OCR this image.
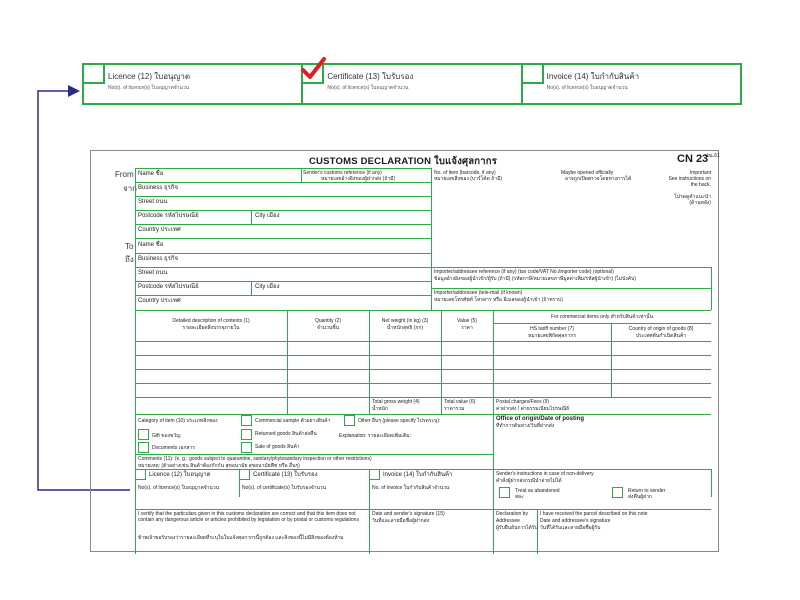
Licence (12) ใบอนุญาต
No(s). of licence(s) ใบอนุญาตจำนวน
Certificate (13) ใบรับรอง
No(s). of licence(s) ใบอนุญาตจำนวน
Invoice (14) ใบกำกับสินค้า
No(s). of licence(s) ใบอนุญาตจำนวน
CUSTOMS DECLARATION ใบแจ้งศุลกากร	CN 23
ปณ.61
From
จาก
To
ถึง
Name ชื่อ
Business ธุรกิจ
Street ถนน
Postcode รหัสไปรษณีย์	City เมือง
Country ประเทศ
Name ชื่อ
Business ธุรกิจ
Street ถนน
Postcode รหัสไปรษณีย์	City เมือง
Country ประเทศ
Sender's customs reference (if any)
หมายเลขอ้างอิงของผู้ฝากส่ง (ถ้ามี)
No. of item (barcode, if any)
หมายเลขสิ่งของ (บาร์โค้ด ถ้ามี)
Maybe opened officially
อาจถูกเปิดตรวจโดยทางการได้
Important
See instructions on
the back.
โปรดดูคำแนะนำ
(ด้านหลัง)
Importer/addressee reference (if any) (tax code/VAT No./importer code) (optional)
ข้อมูลอ้างอิงของผู้นำเข้า/ผู้รับ (ถ้ามี) (รหัสภาษี/หมายเลขภาษีมูลค่าเพิ่ม/รหัสผู้นำเข้า) (ไม่บังคับ)
Importer/addressee (tele-mail (if known)
หมายเลขโทรศัพท์ โทรสาร หรือ อีเมลของผู้นำเข้า (ถ้าทราบ)
Detailed description of contents (1)
รายละเอียดสิ่งบรรจุภายใน
Quantity (2)
จำนวนชิ้น
Net weight (in kg) (3)
น้ำหนักสุทธิ (กก)
Value (5)
ราคา
For commercial items only สำหรับสินค้าเท่านั้น
HS tariff number (7)
หมายเลขพิกัดศุลกากร
Country of origin of goods (8)
ประเทศต้นกำเนิดสินค้า
Total gross weight (4)
น้ำหนัก
Total value (6)
ราคารวม
Postal charges/Fees (9)
ค่าฝากส่ง / ค่าธรรมเนียมไปรษณีย์
Category of item (10) ประเภทสิ่งของ	Commercial sample ตัวอย่างสินค้า	Other อื่นๆ (please specify ไปรดระบุ):
Gift ของขวัญ	Returned goods สินค้าส่งคืน	Explanation: รายละเอียดเพิ่มเติม:
Documents เอกสาร	Sale of goods สินค้า
Office of origin/Date of posting
ที่ทำการต้นทาง/วันที่ฝากส่ง
Comments (11): (e. g.: goods subject to quarantine, sanitary/phytosanitary inspection or other restrictions)
หมายเหตุ: (ตัวอย่างเช่น สินค้าต้องกักกัน สุขอนามัย สุขอนามัยพืช หรือ อื่นๆ)
Licence (12) ใบอนุญาต
No(s). of licence(s) ใบอนุญาตจำนวน
Certificate (13) ใบรับรอง
No(s). of certificate(s) ใบรับรองจำนวน
Invoice (14) ใบกำกับสินค้า
No. of invoice ใบกำกับสินค้าจำนวน
Sender's instructions in case of non-delivery
คำสั่งผู้ฝากส่งกรณีนำจ่ายไม่ได้
Treat as abandoned
สละ
Return to sender
ส่งคืนผู้ฝาก
I certify that the particulars given in this customs declaration are correct and that this item does not contain any dangerous article or articles prohibited by legislation or by postal or customs regulations
ข้าพเจ้าขอรับรองว่ารายละเอียดที่ระบุในใบแจ้งศุลกากรนี้ถูกต้อง และสิ่งของนี้ไม่มีสิ่งของต้องห้าม
Date and sender's signature (15)
วันที่และลายมือชื่อผู้ฝากส่ง
Declaration by
Addressee
ผู้รับยืนยันการได้รับ
I have received the parcel described on this note
Date and addressee's signature
วันที่ได้รับและลายมือชื่อผู้รับ
